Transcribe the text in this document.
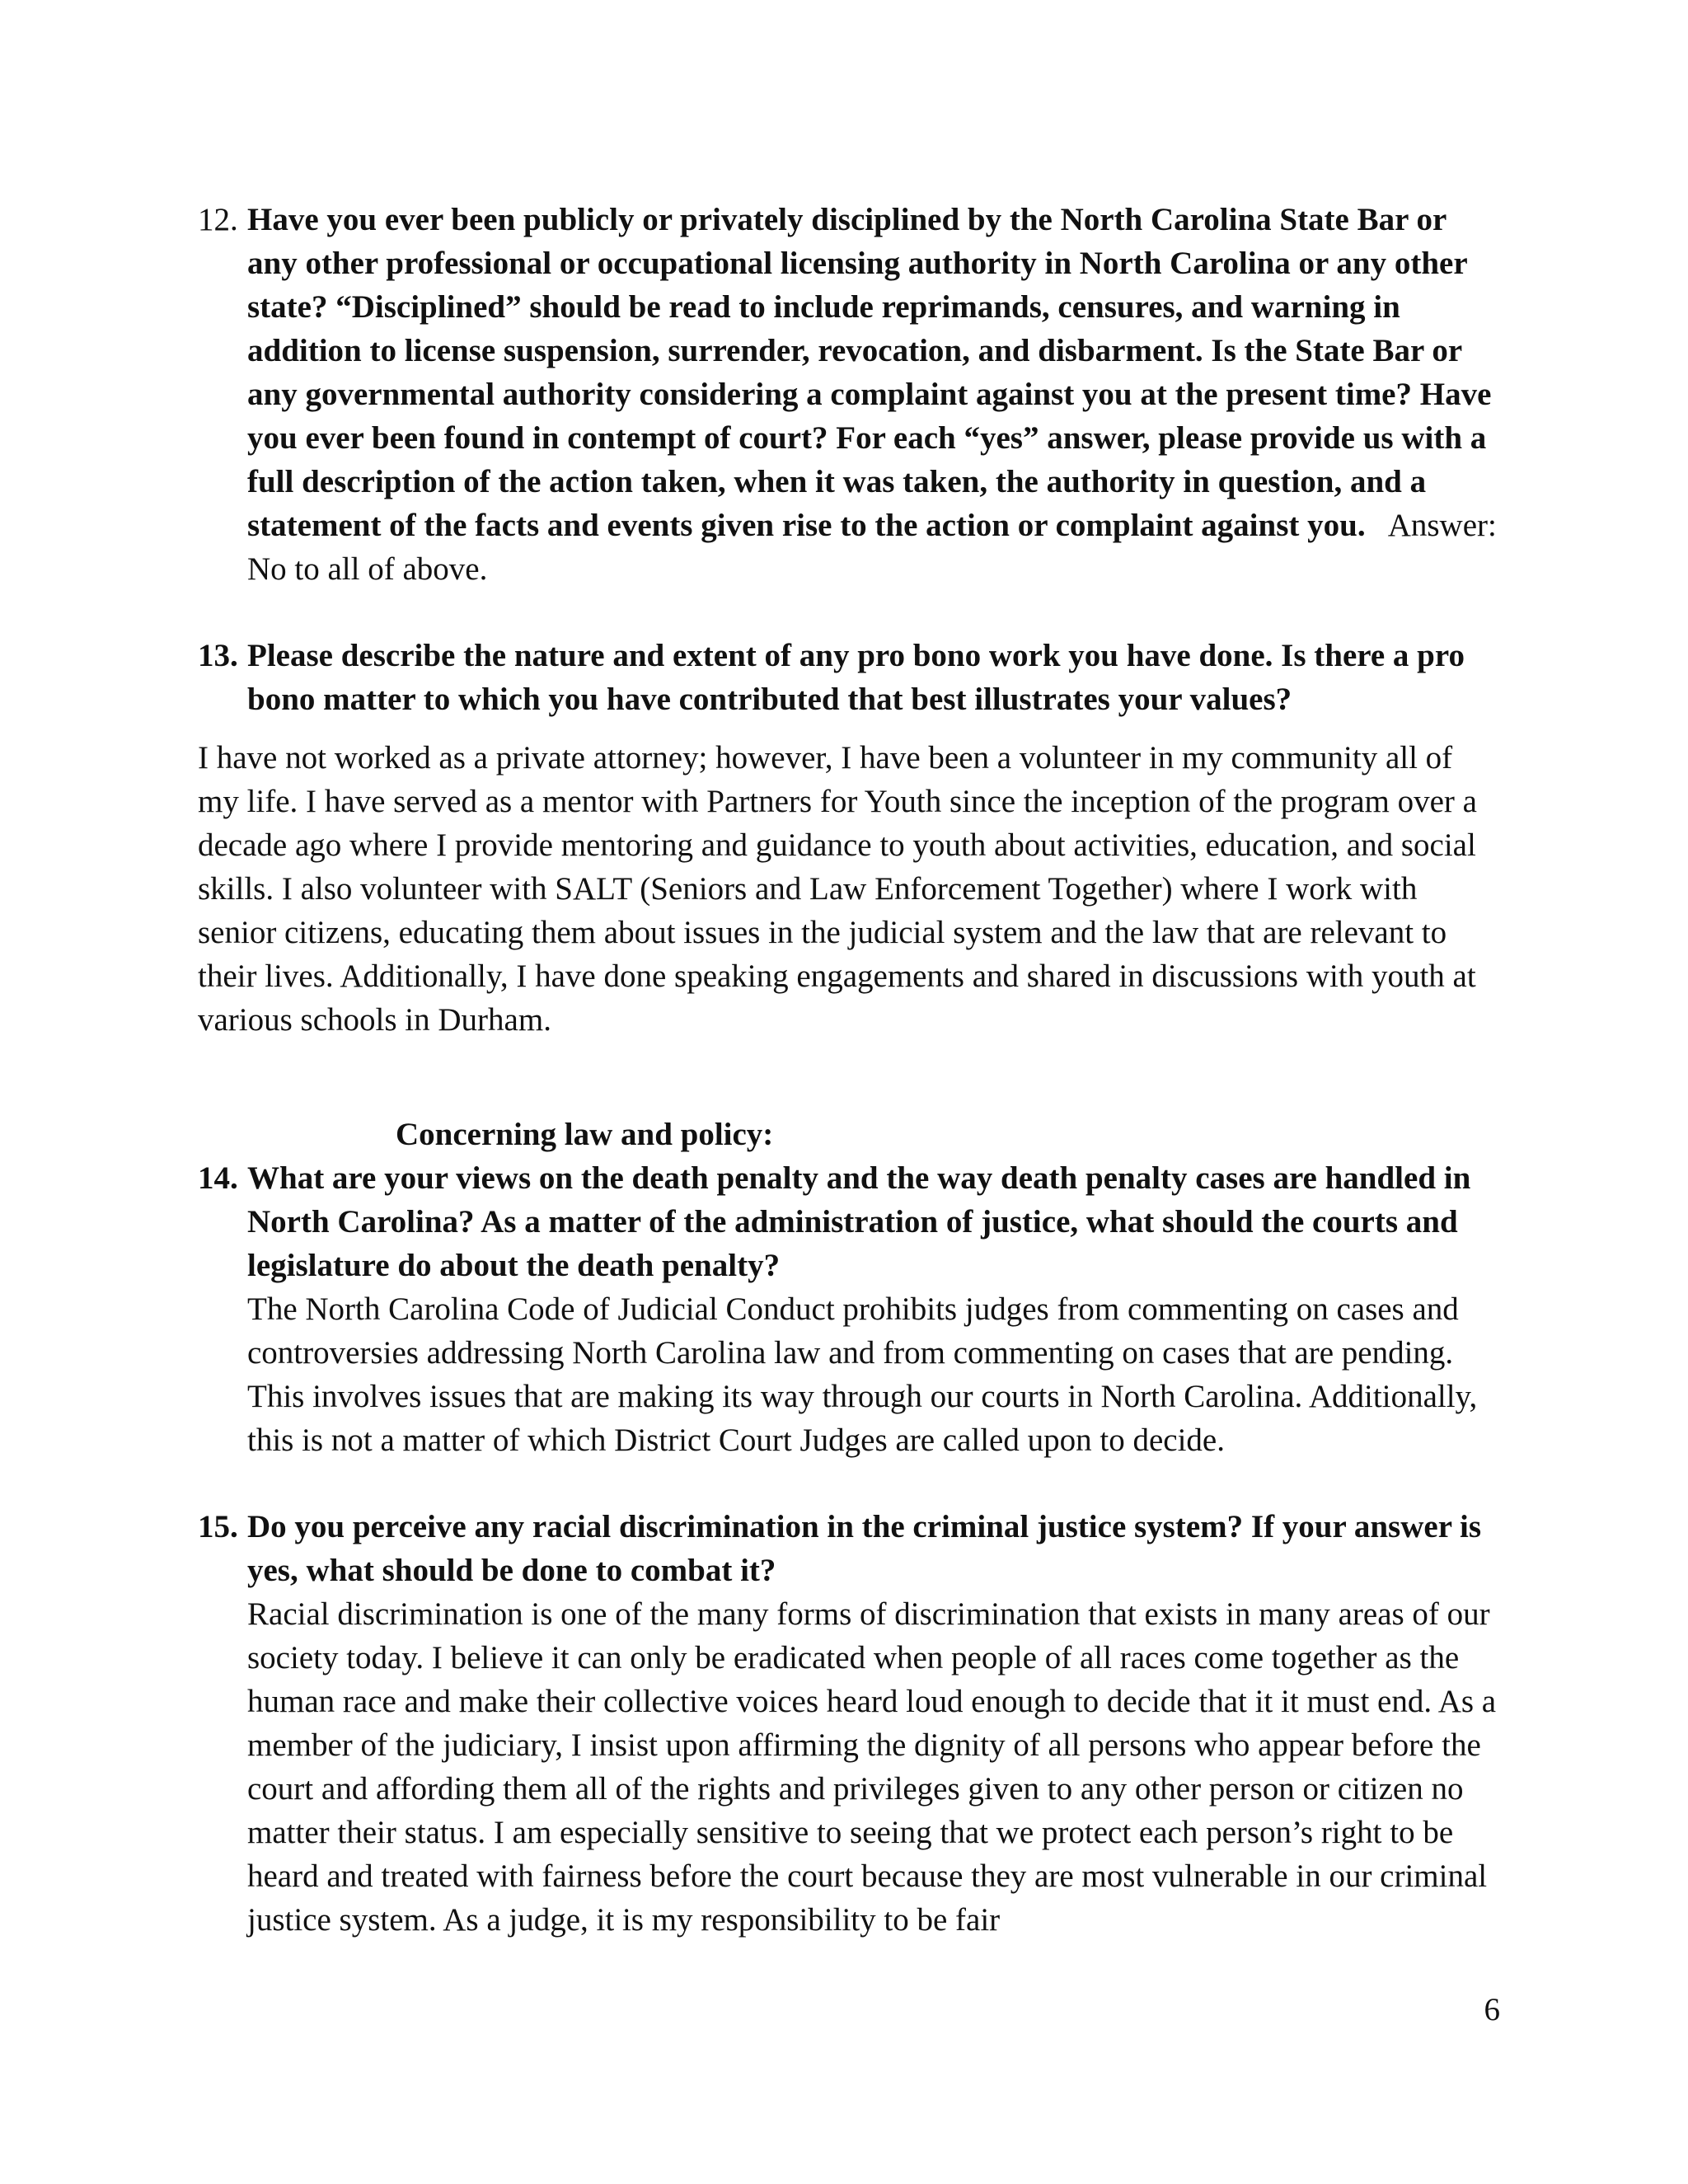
12. Have you ever been publicly or privately disciplined by the North Carolina State Bar or any other professional or occupational licensing authority in North Carolina or any other state? “Disciplined” should be read to include reprimands, censures, and warning in addition to license suspension, surrender, revocation, and disbarment. Is the State Bar or any governmental authority considering a complaint against you at the present time? Have you ever been found in contempt of court? For each “yes” answer, please provide us with a full description of the action taken, when it was taken, the authority in question, and a statement of the facts and events given rise to the action or complaint against you. Answer: No to all of above.
13. Please describe the nature and extent of any pro bono work you have done. Is there a pro bono matter to which you have contributed that best illustrates your values?

I have not worked as a private attorney; however, I have been a volunteer in my community all of my life. I have served as a mentor with Partners for Youth since the inception of the program over a decade ago where I provide mentoring and guidance to youth about activities, education, and social skills. I also volunteer with SALT (Seniors and Law Enforcement Together) where I work with senior citizens, educating them about issues in the judicial system and the law that are relevant to their lives. Additionally, I have done speaking engagements and shared in discussions with youth at various schools in Durham.

Concerning law and policy:

14. What are your views on the death penalty and the way death penalty cases are handled in North Carolina? As a matter of the administration of justice, what should the courts and legislature do about the death penalty?
The North Carolina Code of Judicial Conduct prohibits judges from commenting on cases and controversies addressing North Carolina law and from commenting on cases that are pending. This involves issues that are making its way through our courts in North Carolina. Additionally, this is not a matter of which District Court Judges are called upon to decide.
15. Do you perceive any racial discrimination in the criminal justice system? If your answer is yes, what should be done to combat it?
Racial discrimination is one of the many forms of discrimination that exists in many areas of our society today. I believe it can only be eradicated when people of all races come together as the human race and make their collective voices heard loud enough to decide that it it must end. As a member of the judiciary, I insist upon affirming the dignity of all persons who appear before the court and affording them all of the rights and privileges given to any other person or citizen no matter their status. I am especially sensitive to seeing that we protect each person’s right to be heard and treated with fairness before the court because they are most vulnerable in our criminal justice system. As a judge, it is my responsibility to be fair
6
